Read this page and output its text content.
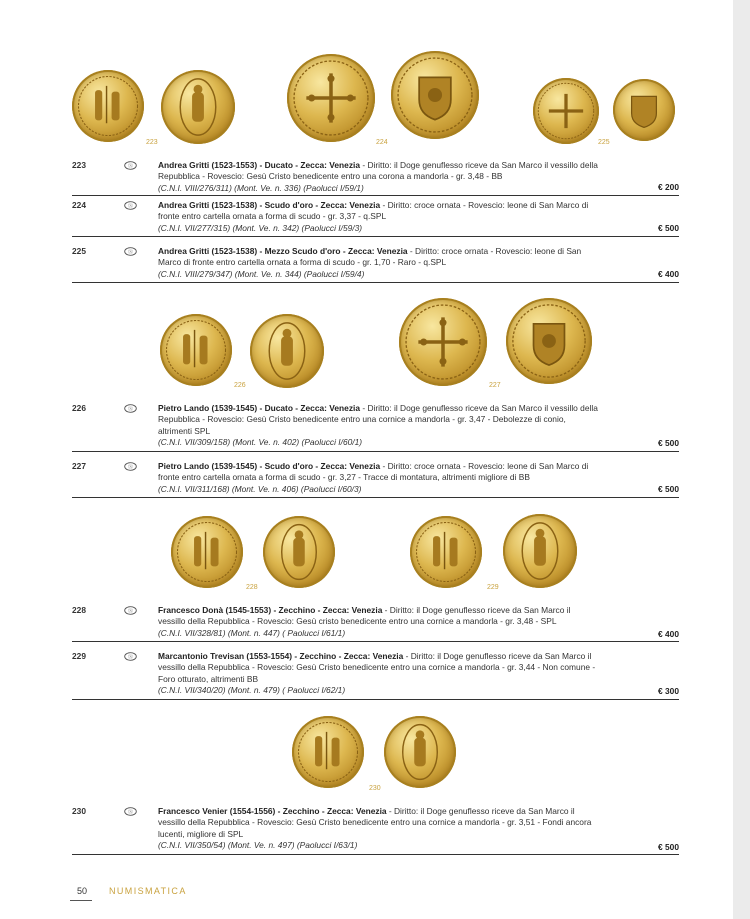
223	224	225
223	Ⓢ	Andrea Gritti (1523-1553) - Ducato - Zecca: Venezia - Diritto: il Doge genuflesso riceve da San Marco il vessillo della Repubblica - Rovescio: Gesù Cristo benedicente entro una corona a mandorla - gr. 3,48 - BB
(C.N.I. VIII/276/311) (Mont. Ve. n. 336) (Paolucci I/59/1)	€ 200
224	Ⓢ	Andrea Gritti (1523-1538) - Scudo d'oro - Zecca: Venezia - Diritto: croce ornata - Rovescio: leone di San Marco di fronte entro cartella ornata a forma di scudo - gr. 3,37 - q.SPL
(C.N.I. VII/277/315) (Mont. Ve. n. 342) (Paolucci I/59/3)	€ 500
225	Ⓢ	Andrea Gritti (1523-1538) - Mezzo Scudo d'oro - Zecca: Venezia - Diritto: croce ornata - Rovescio: leone di San Marco di fronte entro cartella ornata a forma di scudo - gr. 1,70 - Raro - q.SPL
(C.N.I. VIII/279/347) (Mont. Ve. n. 344) (Paolucci I/59/4)	€ 400
226	227
226	Ⓢ	Pietro Lando (1539-1545) - Ducato - Zecca: Venezia - Diritto: il Doge genuflesso riceve da San Marco il vessillo della Repubblica - Rovescio: Gesù Cristo benedicente entro una cornice a mandorla - gr. 3,47 - Debolezze di conio, altrimenti SPL
(C.N.I. VII/309/158) (Mont. Ve. n. 402) (Paolucci I/60/1)	€ 500
227	Ⓢ	Pietro Lando (1539-1545) - Scudo d'oro - Zecca: Venezia - Diritto: croce ornata - Rovescio: leone di San Marco di fronte entro cartella ornata a forma di scudo - gr. 3,27 - Tracce di montatura, altrimenti migliore di BB
(C.N.I. VII/311/168) (Mont. Ve. n. 406) (Paolucci I/60/3)	€ 500
228	229
228	Ⓢ	Francesco Donà (1545-1553) - Zecchino - Zecca: Venezia - Diritto: il Doge genuflesso riceve da San Marco il vessillo della Repubblica - Rovescio: Gesù cristo benedicente entro una cornice a mandorla - gr. 3,48 - SPL
(C.N.I. VII/328/81) (Mont. n. 447) ( Paolucci I/61/1)	€ 400
229	Ⓢ	Marcantonio Trevisan (1553-1554) - Zecchino - Zecca: Venezia - Diritto: il Doge genuflesso riceve da San Marco il vessillo della Repubblica - Rovescio: Gesù Cristo benedicente entro una cornice a mandorla - gr. 3,44 - Non comune - Foro otturato, altrimenti BB
(C.N.I. VII/340/20) (Mont. n. 479) ( Paolucci I/62/1)	€ 300
230
230	Ⓢ	Francesco Venier (1554-1556) - Zecchino - Zecca: Venezia - Diritto: il Doge genuflesso riceve da San Marco il vessillo della Repubblica - Rovescio: Gesù Cristo benedicente entro una cornice a mandorla - gr. 3,51 - Fondi ancora lucenti, migliore di SPL
(C.N.I. VII/350/54) (Mont. Ve. n. 497) (Paolucci I/63/1)	€ 500
50 NUMISMATICA
